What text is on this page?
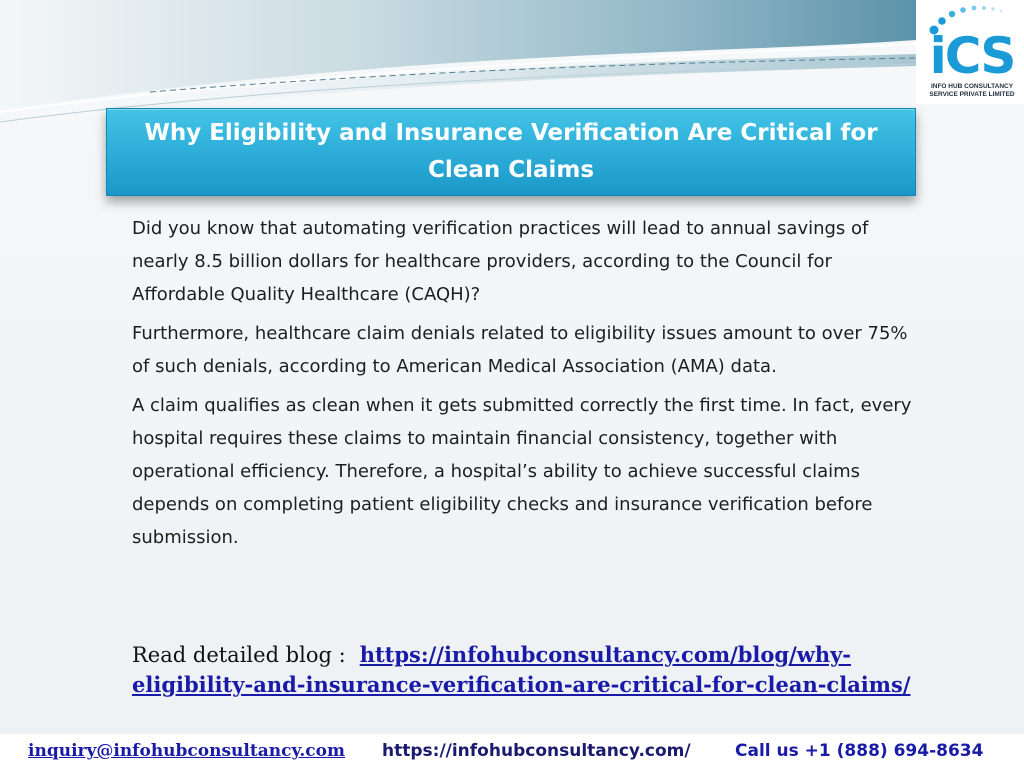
iCS
INFO HUB CONSULTANCY
SERVICE PRIVATE LIMITED
Why Eligibility and Insurance Verification Are Critical for Clean Claims

Did you know that automating verification practices will lead to annual savings of nearly 8.5 billion dollars for healthcare providers, according to the Council for Affordable Quality Healthcare (CAQH)?

Furthermore, healthcare claim denials related to eligibility issues amount to over 75% of such denials, according to American Medical Association (AMA) data.

A claim qualifies as clean when it gets submitted correctly the first time. In fact, every hospital requires these claims to maintain financial consistency, together with operational efficiency. Therefore, a hospital’s ability to achieve successful claims depends on completing patient eligibility checks and insurance verification before submission.

Read detailed blog : https://infohubconsultancy.com/blog/why-eligibility-and-insurance-verification-are-critical-for-clean-claims/
inquiry@infohubconsultancy.com https://infohubconsultancy.com/	Call us +1 (888) 694-8634
